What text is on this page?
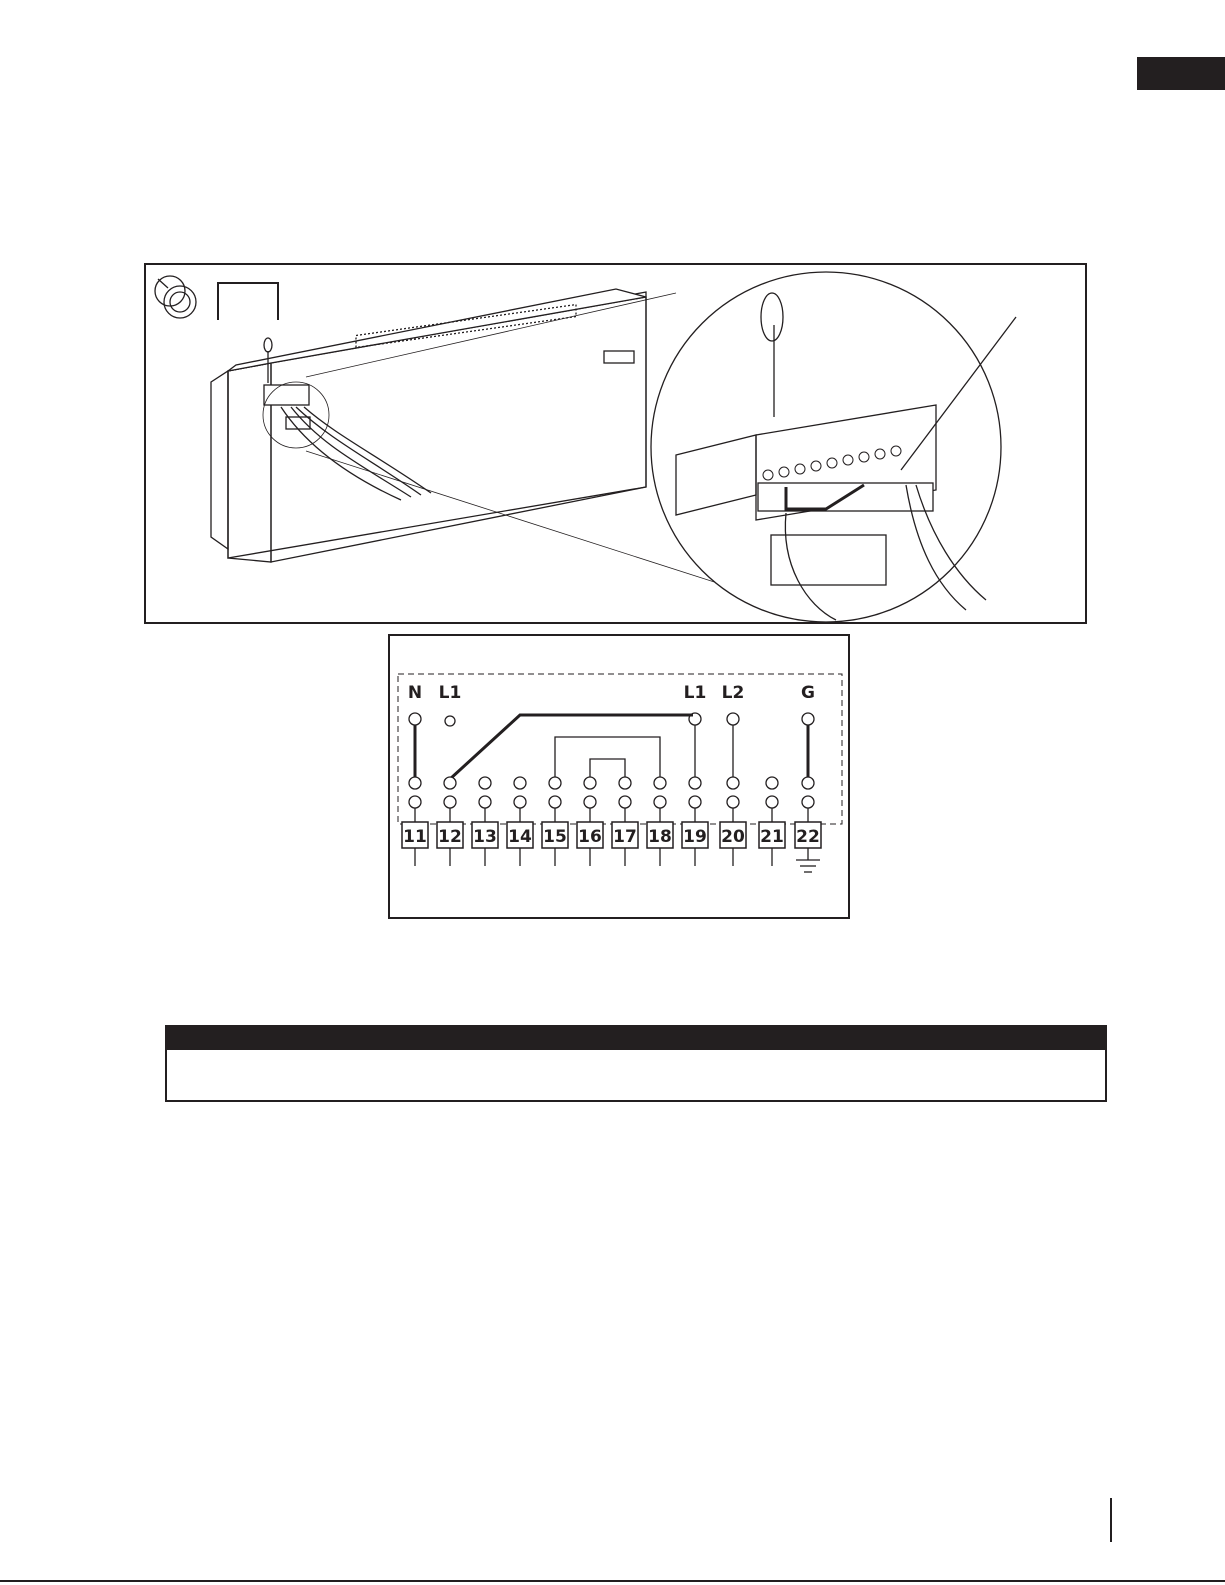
N L1	L1 L2	G
11 12 13 14 15 16 17 18 19 20 21 22
